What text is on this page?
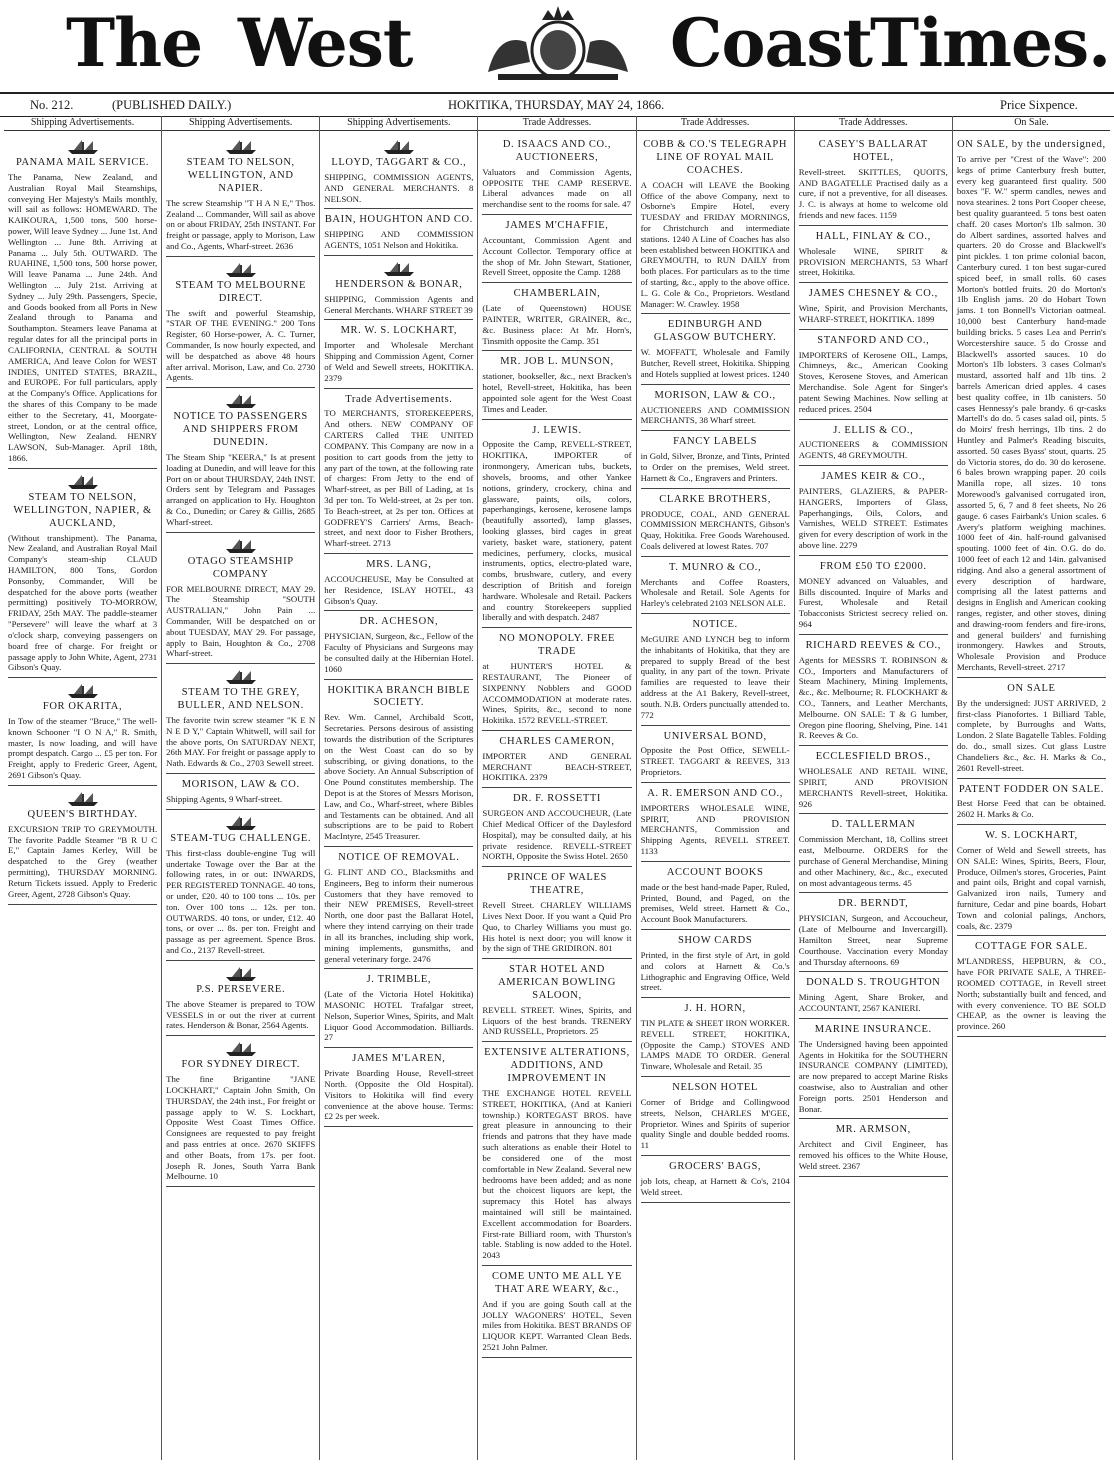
The West	Coast
Times.
No. 212.	(PUBLISHED DAILY.)	HOKITIKA, THURSDAY, MAY 24, 1866.	Price Sixpence.
Shipping Advertisements.
PANAMA MAIL SERVICE.

The Panama, New Zealand, and Australian Royal Mail Steamships, conveying Her Majesty's Mails monthly, will sail as follows: HOMEWARD. The KAIKOURA, 1,500 tons, 500 horse-power, Will leave Sydney ... June 1st. And Wellington ... June 8th. Arriving at Panama ... July 5th. OUTWARD. The RUAHINE, 1,500 tons, 500 horse power, Will leave Panama ... June 24th. And Wellington ... July 21st. Arriving at Sydney ... July 29th. Passengers, Specie, and Goods booked from all Ports in New Zealand through to Panama and Southampton. Steamers leave Panama at regular dates for all the principal ports in CALIFORNIA, CENTRAL & SOUTH AMERICA, And leave Colon for WEST INDIES, UNITED STATES, BRAZIL, and EUROPE. For full particulars, apply at the Company's Office. Applications for the shares of this Company to be made either to the Secretary, 41, Moorgate-street, London, or at the central office, Wellington, New Zealand. HENRY LAWSON, Sub-Manager. April 18th, 1866.

STEAM TO NELSON, WELLINGTON, NAPIER, & AUCKLAND,

(Without transhipment). The Panama, New Zealand, and Australian Royal Mail Company's steam-ship CLAUD HAMILTON, 800 Tons, Gordon Ponsonby, Commander, Will be despatched for the above ports (weather permitting) positively TO-MORROW, FRIDAY, 25th MAY. The paddle-steamer "Persevere" will leave the wharf at 3 o'clock sharp, conveying passengers on board free of charge. For freight or passage apply to John White, Agent, 2731 Gibson's Quay.

FOR OKARITA,

In Tow of the steamer "Bruce," The well-known Schooner "I O N A," R. Smith, master, Is now loading, and will have prompt despatch. Cargo ... £5 per ton. For Freight, apply to Frederic Greer, Agent, 2691 Gibson's Quay.

QUEEN'S BIRTHDAY.

EXCURSION TRIP TO GREYMOUTH. The favorite Paddle Steamer "B R U C E," Captain James Kerley, Will be despatched to the Grey (weather permitting), THURSDAY MORNING. Return Tickets issued. Apply to Frederic Greer, Agent, 2728 Gibson's Quay.

Shipping Advertisements.
STEAM TO NELSON, WELLINGTON, AND NAPIER.

The screw Steamship "T H A N E," Thos. Zealand ... Commander, Will sail as above on or about FRIDAY, 25th INSTANT. For freight or passage, apply to Morison, Law and Co., Agents, Wharf-street. 2636

STEAM TO MELBOURNE DIRECT.

The swift and powerful Steamship, "STAR OF THE EVENING." 200 Tons Register, 60 Horse-power, A. C. Turner, Commander, Is now hourly expected, and will be despatched as above 48 hours after arrival. Morison, Law, and Co. 2730 Agents.

NOTICE TO PASSENGERS AND SHIPPERS FROM DUNEDIN.

The Steam Ship "KEERA," Is at present loading at Dunedin, and will leave for this Port on or about THURSDAY, 24th INST. Orders sent by Telegram and Passages arranged on application to Hy. Houghton & Co., Dunedin; or Carey & Gillis, 2685 Wharf-street.

OTAGO STEAMSHIP COMPANY

FOR MELBOURNE DIRECT, MAY 29. The Steamship "SOUTH AUSTRALIAN," John Pain ... Commander, Will be despatched on or about TUESDAY, MAY 29. For passage, apply to Bain, Houghton & Co., 2708 Wharf-street.

STEAM TO THE GREY, BULLER, AND NELSON.

The favorite twin screw steamer "K E N N E D Y," Captain Whitwell, will sail for the above ports, On SATURDAY NEXT, 26th MAY. For freight or passage apply to Nath. Edwards & Co., 2703 Sewell street.

MORISON, LAW & CO.

Shipping Agents, 9 Wharf-street.

STEAM-TUG CHALLENGE.

This first-class double-engine Tug will undertake Towage over the Bar at the following rates, in or out: INWARDS, PER REGISTERED TONNAGE. 40 tons, or under, £20. 40 to 100 tons ... 10s. per ton. Over 100 tons ... 12s. per ton. OUTWARDS. 40 tons, or under, £12. 40 tons, or over ... 8s. per ton. Freight and passage as per agreement. Spence Bros. and Co., 2137 Revell-street.

P.S. PERSEVERE.

The above Steamer is prepared to TOW VESSELS in or out the river at current rates. Henderson & Bonar, 2564 Agents.

FOR SYDNEY DIRECT.

The fine Brigantine "JANE LOCKHART," Captain John Smith, On THURSDAY, the 24th inst., For freight or passage apply to W. S. Lockhart, Opposite West Coast Times Office. Consignees are requested to pay freight and pass entries at once. 2670 SKIFFS and other Boats, from 17s. per foot. Joseph R. Jones, South Yarra Bank Melbourne. 10

Shipping Advertisements.
LLOYD, TAGGART & CO.,

SHIPPING, COMMISSION AGENTS, AND GENERAL MERCHANTS. 8 NELSON.

BAIN, HOUGHTON AND CO.

SHIPPING AND COMMISSION AGENTS, 1051 Nelson and Hokitika.

HENDERSON & BONAR,

SHIPPING, Commission Agents and General Merchants. WHARF STREET 39

MR. W. S. LOCKHART,

Importer and Wholesale Merchant Shipping and Commission Agent, Corner of Weld and Sewell streets, HOKITIKA. 2379

Trade Advertisements.

TO MERCHANTS, STOREKEEPERS, And others. NEW COMPANY OF CARTERS Called THE UNITED COMPANY. This Company are now in a position to cart goods from the jetty to any part of the town, at the following rate of charges: From Jetty to the end of Wharf-street, as per Bill of Lading, at 1s 3d per ton. To Weld-street, at 2s per ton. To Beach-street, at 2s per ton. Offices at GODFREY'S Carriers' Arms, Beach-street, and next door to Fisher Brothers, Wharf-street. 2713

MRS. LANG,

ACCOUCHEUSE, May be Consulted at her Residence, ISLAY HOTEL, 43 Gibson's Quay.

DR. ACHESON,

PHYSICIAN, Surgeon, &c., Fellow of the Faculty of Physicians and Surgeons may be consulted daily at the Hibernian Hotel. 1060

HOKITIKA BRANCH BIBLE SOCIETY.

Rev. Wm. Cannel, Archibald Scott, Secretaries. Persons desirous of assisting towards the distribution of the Scriptures on the West Coast can do so by subscribing, or giving donations, to the above Society. An Annual Subscription of One Pound constitutes membership. The Depot is at the Stores of Messrs Morison, Law, and Co., Wharf-street, where Bibles and Testaments can be obtained. And all subscriptions are to be paid to Robert MacIntyre, 2545 Treasurer.

NOTICE OF REMOVAL.

G. FLINT AND CO., Blacksmiths and Engineers, Beg to inform their numerous Customers that they have removed to their NEW PREMISES, Revell-street North, one door past the Ballarat Hotel, where they intend carrying on their trade in all its branches, including ship work, mining implements, gunsmiths, and general veterinary forge. 2476

J. TRIMBLE,

(Late of the Victoria Hotel Hokitika) MASONIC HOTEL Trafalgar street, Nelson, Superior Wines, Spirits, and Malt Liquor Good Accommodation. Billiards. 27

JAMES M'LAREN,

Private Boarding House, Revell-street North. (Opposite the Old Hospital). Visitors to Hokitika will find every convenience at the above house. Terms: £2 2s per week.

Trade Addresses.
D. ISAACS AND CO., AUCTIONEERS,

Valuators and Commission Agents, OPPOSITE THE CAMP RESERVE. Liberal advances made on all merchandise sent to the rooms for sale. 47

JAMES M'CHAFFIE,

Accountant, Commission Agent and Account Collector. Temporary office at the shop of Mr. John Stewart, Stationer, Revell Street, opposite the Camp. 1288

CHAMBERLAIN,

(Late of Queenstown) HOUSE PAINTER, WRITER, GRAINER, &c., &c. Business place: At Mr. Horn's, Tinsmith opposite the Camp. 351

MR. JOB L. MUNSON,

stationer, bookseller, &c., next Bracken's hotel, Revell-street, Hokitika, has been appointed sole agent for the West Coast Times and Leader.

J. LEWIS.

Opposite the Camp, REVELL-STREET, HOKITIKA, IMPORTER of ironmongery, American tubs, buckets, shovels, brooms, and other Yankee notions, grindery, crockery, china and glassware, paints, oils, colors, paperhangings, kerosene, kerosene lamps (beautifully assorted), lamp glasses, looking glasses, bird cages in great variety, basket ware, stationery, patent medicines, perfumery, clocks, musical instruments, optics, electro-plated ware, combs, brushware, cutlery, and every description of British and foreign hardware. Wholesale and Retail. Packers and country Storekeepers supplied liberally and with despatch. 2487

NO MONOPOLY. FREE TRADE

at HUNTER'S HOTEL & RESTAURANT, The Pioneer of SIXPENNY Nobblers and GOOD ACCOMMODATION at moderate rates. Wines, Spirits, &c., second to none Hokitika. 1572 REVELL-STREET.

CHARLES CAMERON,

IMPORTER AND GENERAL MERCHANT BEACH-STREET, HOKITIKA. 2379

DR. F. ROSSETTI

SURGEON AND ACCOUCHEUR, (Late Chief Medical Officer of the Daylesford Hospital), may be consulted daily, at his private residence. REVELL-STREET NORTH, Opposite the Swiss Hotel. 2650

PRINCE OF WALES THEATRE,

Revell Street. CHARLEY WILLIAMS Lives Next Door. If you want a Quid Pro Quo, to Charley Williams you must go. His hotel is next door; you will know it by the sign of THE GRIDIRON. 801

STAR HOTEL AND AMERICAN BOWLING SALOON,

REVELL STREET. Wines, Spirits, and Liquors of the best brands. TRENERY AND RUSSELL, Proprietors. 25

EXTENSIVE ALTERATIONS, ADDITIONS, AND IMPROVEMENT IN

THE EXCHANGE HOTEL REVELL STREET, HOKITIKA, (And at Kanieri township.) KORTEGAST BROS. have great pleasure in announcing to their friends and patrons that they have made such alterations as enable their Hotel to be considered one of the most comfortable in New Zealand. Several new bedrooms have been added; and as none but the choicest liquors are kept, the supremacy this Hotel has always maintained will still be maintained. Excellent accommodation for Boarders. First-rate Billiard room, with Thurston's table. Stabling is now added to the Hotel. 2043

COME UNTO ME ALL YE THAT ARE WEARY, &c.,

And if you are going South call at the JOLLY WAGONERS' HOTEL, Seven miles from Hokitika. BEST BRANDS OF LIQUOR KEPT. Warranted Clean Beds. 2521 John Palmer.

Trade Addresses.
COBB & CO.'S TELEGRAPH LINE OF ROYAL MAIL COACHES.

A COACH will LEAVE the Booking Office of the above Company, next to Osborne's Empire Hotel, every TUESDAY and FRIDAY MORNINGS, for Christchurch and intermediate stations. 1240 A Line of Coaches has also been established between HOKITIKA and GREYMOUTH, to RUN DAILY from both places. For particulars as to the time of starting, &c., apply to the above office. L. G. Cole & Co., Proprietors. Westland Manager: W. Crawley. 1958

EDINBURGH AND GLASGOW BUTCHERY.

W. MOFFATT, Wholesale and Family Butcher, Revell street, Hokitika. Shipping and Hotels supplied at lowest prices. 1240

MORISON, LAW & CO.,

AUCTIONEERS AND COMMISSION MERCHANTS, 38 Wharf street.

FANCY LABELS

in Gold, Silver, Bronze, and Tints, Printed to Order on the premises, Weld street. Harnett & Co., Engravers and Printers.

CLARKE BROTHERS,

PRODUCE, COAL, AND GENERAL COMMISSION MERCHANTS, Gibson's Quay, Hokitika. Free Goods Warehoused. Coals delivered at lowest Rates. 707

T. MUNRO & CO.,

Merchants and Coffee Roasters, Wholesale and Retail. Sole Agents for Harley's celebrated 2103 NELSON ALE.

NOTICE.

McGUIRE AND LYNCH beg to inform the inhabitants of Hokitika, that they are prepared to supply Bread of the best quality, in any part of the town. Private families are requested to leave their address at the A1 Bakery, Revell-street, south. N.B. Orders punctually attended to. 772

UNIVERSAL BOND,

Opposite the Post Office, SEWELL-STREET. TAGGART & REEVES, 313 Proprietors.

A. R. EMERSON AND CO.,

IMPORTERS WHOLESALE WINE, SPIRIT, AND PROVISION MERCHANTS, Commission and Shipping Agents, REVELL STREET. 1133

ACCOUNT BOOKS

made or the best hand-made Paper, Ruled, Printed, Bound, and Paged, on the premises, Weld street. Harnett & Co., Account Book Manufacturers.

SHOW CARDS

Printed, in the first style of Art, in gold and colors at Harnett & Co.'s Lithographic and Engraving Office, Weld street.

J. H. HORN,

TIN PLATE & SHEET IRON WORKER. REVELL STREET, HOKITIKA, (Opposite the Camp.) STOVES AND LAMPS MADE TO ORDER. General Tinware, Wholesale and Retail. 35

NELSON HOTEL

Corner of Bridge and Collingwood streets, Nelson, CHARLES M'GEE, Proprietor. Wines and Spirits of superior quality Single and double bedded rooms. 11

GROCERS' BAGS,

job lots, cheap, at Harnett & Co's, 2104 Weld street.

Trade Addresses.
CASEY'S BALLARAT HOTEL,

Revell-street. SKITTLES, QUOITS, AND BAGATELLE Practised daily as a cure, if not a preventive, for all diseases. J. C. is always at home to welcome old friends and new faces. 1159

HALL, FINLAY & CO.,

Wholesale WINE, SPIRIT & PROVISION MERCHANTS, 53 Wharf street, Hokitika.

JAMES CHESNEY & CO.,

Wine, Spirit, and Provision Merchants, WHARF-STREET, HOKITIKA. 1899

STANFORD AND CO.,

IMPORTERS of Kerosene OIL, Lamps, Chimneys, &c., American Cooking Stoves, Kerosene Stoves, and American Merchandise. Sole Agent for Singer's patent Sewing Machines. Now selling at reduced prices. 2504

J. ELLIS & CO.,

AUCTIONEERS & COMMISSION AGENTS, 48 GREYMOUTH.

JAMES KEIR & CO.,

PAINTERS, GLAZIERS, & PAPER-HANGERS, Importers of Glass, Paperhangings, Oils, Colors, and Varnishes, WELD STREET. Estimates given for every description of work in the above line. 2279

FROM £50 TO £2000.

MONEY advanced on Valuables, and Bills discounted. Inquire of Marks and Furest, Wholesale and Retail Tobacconists Strictest secrecy relied on. 964

RICHARD REEVES & CO.,

Agents for MESSRS T. ROBINSON & CO., Importers and Manufacturers of Steam Machinery, Mining Implements, &c., &c. Melbourne; R. FLOCKHART & CO., Tanners, and Leather Merchants, Melbourne. ON SALE: T & G lumber, Oregon pine flooring, Shelving, Pine. 141 R. Reeves & Co.

ECCLESFIELD BROS.,

WHOLESALE AND RETAIL WINE, SPIRIT, AND PROVISION MERCHANTS Revell-street, Hokitika. 926

D. TALLERMAN

Commission Merchant, 18, Collins street east, Melbourne. ORDERS for the purchase of General Merchandise, Mining and other Machinery, &c., &c., executed on most advantageous terms. 45

DR. BERNDT,

PHYSICIAN, Surgeon, and Accoucheur, (Late of Melbourne and Invercargill). Hamilton Street, near Supreme Courthouse. Vaccination every Monday and Thursday afternoons. 69

DONALD S. TROUGHTON

Mining Agent, Share Broker, and ACCOUNTANT, 2567 KANIERI.

MARINE INSURANCE.

The Undersigned having been appointed Agents in Hokitika for the SOUTHERN INSURANCE COMPANY (LIMITED), are now prepared to accept Marine Risks coastwise, also to Australian and other Foreign ports. 2501 Henderson and Bonar.

MR. ARMSON,

Architect and Civil Engineer, has removed his offices to the White House, Weld street. 2367

On Sale.
ON SALE, by the undersigned,

To arrive per "Crest of the Wave": 200 kegs of prime Canterbury fresh butter, every keg guaranteed first quality. 500 boxes "F. W." sperm candles, newes and nova stearines. 2 tons Port Cooper cheese, best quality guaranteed. 5 tons best oaten chaff. 20 cases Morton's 1lb salmon. 30 do Albert sardines, assorted halves and quarters. 20 do Crosse and Blackwell's pint pickles. 1 ton prime colonial bacon, Canterbury cured. 1 ton best sugar-cured spiced beef, in small rolls. 60 cases Morton's bottled fruits. 20 do Morton's 1lb English jams. 20 do Hobart Town jams. 1 ton Bonnell's Victorian oatmeal. 10,000 best Canterbury hand-made building bricks. 5 cases Lea and Perrin's Worcestershire sauce. 5 do Crosse and Blackwell's assorted sauces. 10 do Morton's 1lb lobsters. 3 cases Colman's mustard, assorted half and 1lb tins. 2 barrels American dried apples. 4 cases best quality coffee, in 1lb canisters. 50 cases Hennessy's pale brandy. 6 qr-casks Martell's do do. 5 cases salad oil, pints. 5 do Moirs' fresh herrings, 1lb tins. 2 do Huntley and Palmer's Reading biscuits, assorted. 50 cases Byass' stout, quarts. 25 do Victoria stores, do do. 30 do kerosene. 6 bales brown wrapping paper. 20 coils Manilla rope, all sizes. 10 tons Morewood's galvanised corrugated iron, assorted 5, 6, 7 and 8 feet sheets, No 26 gauge. 6 cases Fairbank's Union scales. 6 Avery's platform weighing machines. 1000 feet of 4in. half-round galvanised spouting. 1000 feet of 4in. O.G. do do. 1000 feet of each 12 and 14in. galvanised ridging. And also a general assortment of every description of hardware, comprising all the latest patterns and designs in English and American cooking ranges, register, and other stoves, dining and drawing-room fenders and fire-irons, and general builders' and furnishing ironmongery. Hawkes and Strouts, Wholesale Provision and Produce Merchants, Revell-street. 2717

ON SALE

By the undersigned: JUST ARRIVED, 2 first-class Pianofortes. 1 Billiard Table, complete, by Burroughs and Watts, London. 2 Slate Bagatelle Tables. Folding do. do., small sizes. Cut glass Lustre Chandeliers &c., &c. H. Marks & Co., 2601 Revell-street.

PATENT FODDER ON SALE.

Best Horse Feed that can be obtained. 2602 H. Marks & Co.

W. S. LOCKHART,

Corner of Weld and Sewell streets, has ON SALE: Wines, Spirits, Beers, Flour, Produce, Oilmen's stores, Groceries, Paint and paint oils, Bright and copal varnish, Galvanized iron nails, Tumery and furniture, Cedar and pine boards, Hobart Town and colonial palings, Anchors, coals, &c. 2379

COTTAGE FOR SALE.

M'LANDRESS, HEPBURN, & CO., have FOR PRIVATE SALE, A THREE-ROOMED COTTAGE, in Revell street North; substantially built and fenced, and with every convenience. TO BE SOLD CHEAP, as the owner is leaving the province. 260
